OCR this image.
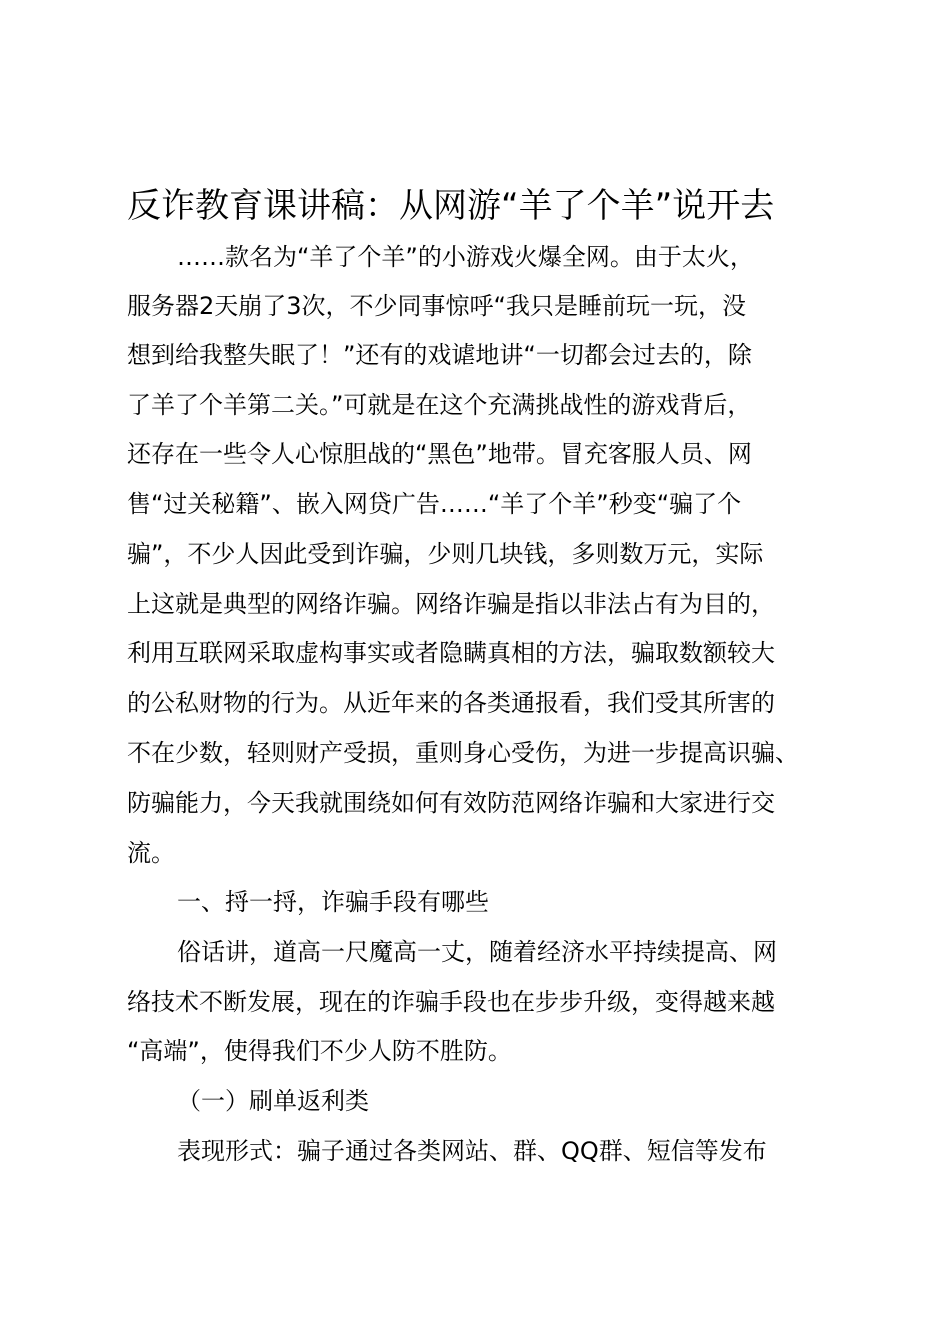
反诈教育课讲稿：从网游“羊了个羊”说开去
……款名为“羊了个羊”的小游戏火爆全网。由于太火，
服务器2天崩了3次，不少同事惊呼“我只是睡前玩一玩，没
想到给我整失眠了！”还有的戏谑地讲“一切都会过去的，除
了羊了个羊第二关。”可就是在这个充满挑战性的游戏背后，
还存在一些令人心惊胆战的“黑色”地带。冒充客服人员、网
售“过关秘籍”、嵌入网贷广告……“羊了个羊”秒变“骗了个
骗”，不少人因此受到诈骗，少则几块钱，多则数万元，实际
上这就是典型的网络诈骗。网络诈骗是指以非法占有为目的，
利用互联网采取虚构事实或者隐瞒真相的方法，骗取数额较大
的公私财物的行为。从近年来的各类通报看，我们受其所害的
不在少数，轻则财产受损，重则身心受伤，为进一步提高识骗、
防骗能力，今天我就围绕如何有效防范网络诈骗和大家进行交
流。
一、捋一捋，诈骗手段有哪些
俗话讲，道高一尺魔高一丈，随着经济水平持续提高、网
络技术不断发展，现在的诈骗手段也在步步升级，变得越来越
“高端”，使得我们不少人防不胜防。
（一）刷单返利类
表现形式：骗子通过各类网站、群、QQ群、短信等发布
